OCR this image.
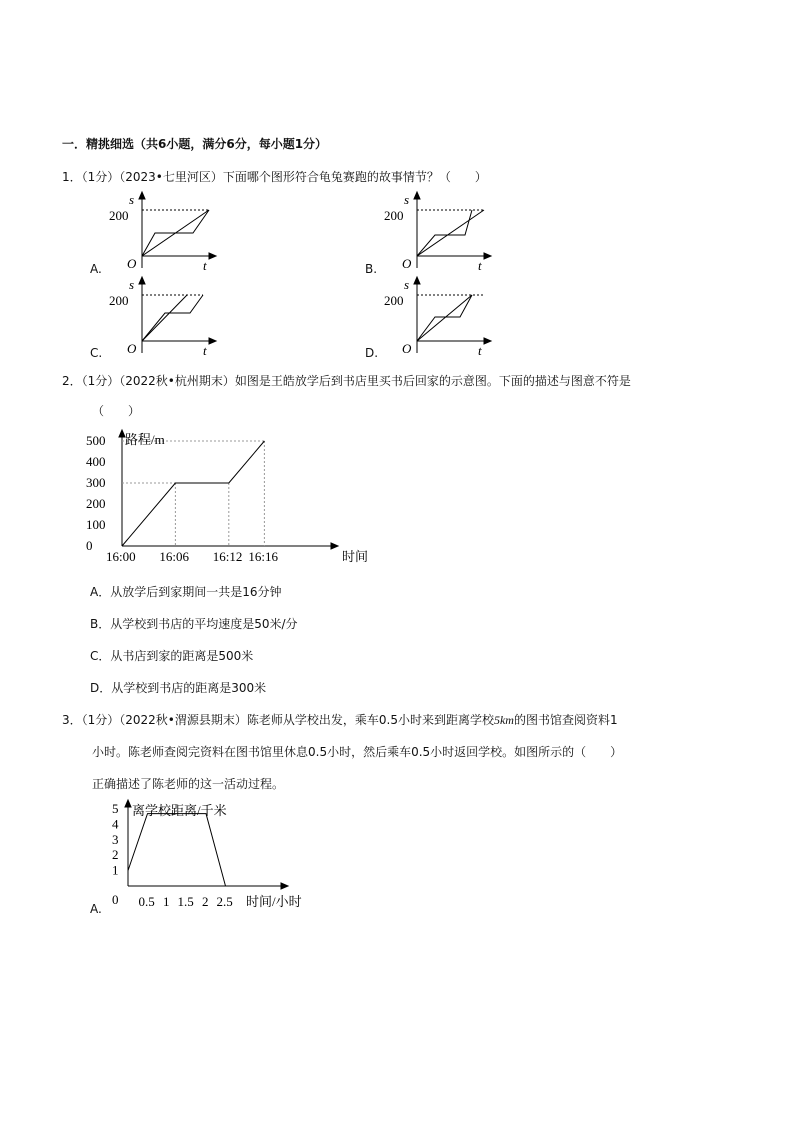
一．精挑细选（共6小题，满分6分，每小题1分）
1．（1分）（2023•七里河区）下面哪个图形符合龟兔赛跑的故事情节？（　　）
s
200
O	t
A.
s
200
O	t
B.
s
200
O	t
C.
s
200
O	t
D.
2．（1分）（2022秋•杭州期末）如图是王皓放学后到书店里买书后回家的示意图。下面的描述与图意不符是
（　　）
500
400
300
200
100
0
16:00 16:06 16:12 16:16
路程/m
时间
A．从放学后到家期间一共是16分钟
B．从学校到书店的平均速度是50米/分
C．从书店到家的距离是500米
D．从学校到书店的距离是300米
3．（1分）（2022秋•渭源县期末）陈老师从学校出发，乘车0.5小时来到距离学校5km的图书馆查阅资料1
小时。陈老师查阅完资料在图书馆里休息0.5小时，然后乘车0.5小时返回学校。如图所示的（　　）
正确描述了陈老师的这一活动过程。
5
4
3
2
1
0 0.5 1 1.5 2 2.5
离学校距离/千米
时间/小时
A.
